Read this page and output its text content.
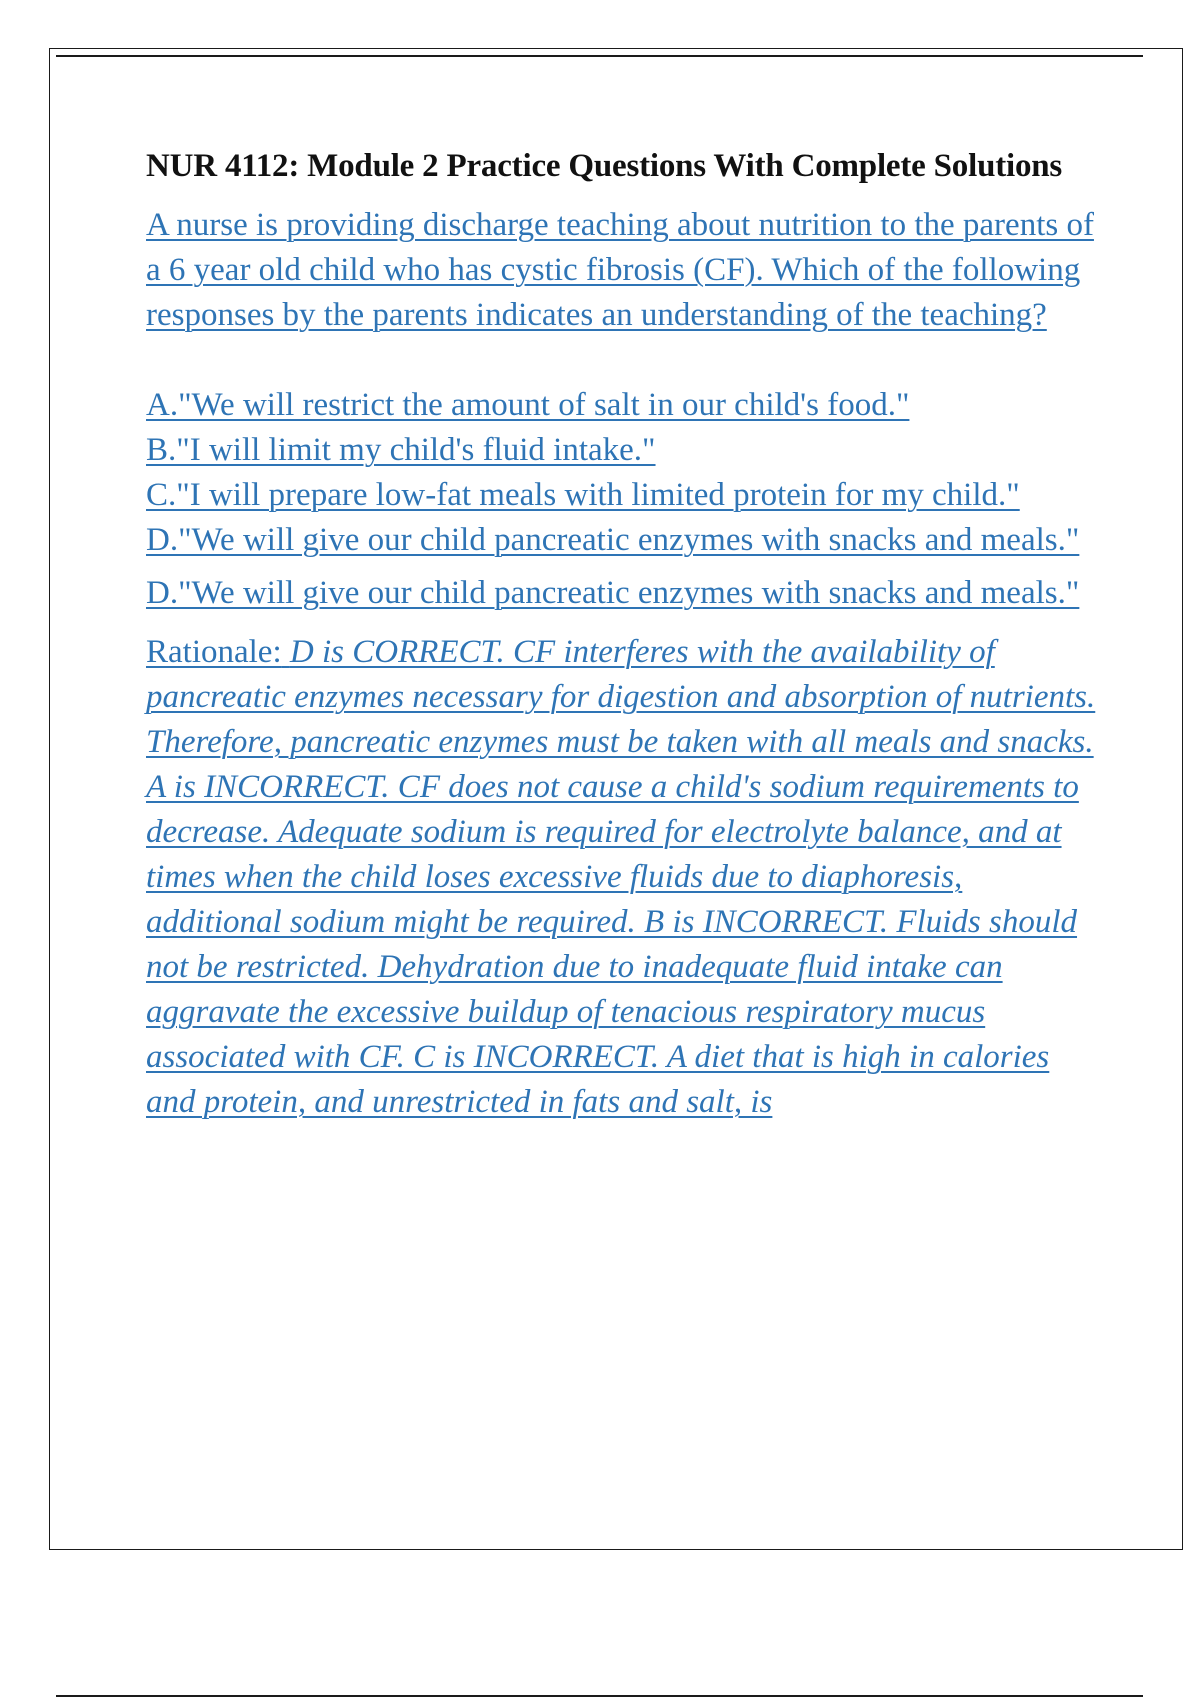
NUR 4112: Module 2 Practice Questions With Complete Solutions

A nurse is providing discharge teaching about nutrition to the parents of a 6 year old child who has cystic fibrosis (CF). Which of the following responses by the parents indicates an understanding of the teaching?

A."We will restrict the amount of salt in our child's food."
B."I will limit my child's fluid intake."
C."I will prepare low-fat meals with limited protein for my child."
D."We will give our child pancreatic enzymes with snacks and meals."

D."We will give our child pancreatic enzymes with snacks and meals."

Rationale: D is CORRECT. CF interferes with the availability of pancreatic enzymes necessary for digestion and absorption of nutrients. Therefore, pancreatic enzymes must be taken with all meals and snacks. A is INCORRECT. CF does not cause a child's sodium requirements to decrease. Adequate sodium is required for electrolyte balance, and at times when the child loses excessive fluids due to diaphoresis, additional sodium might be required. B is INCORRECT. Fluids should not be restricted. Dehydration due to inadequate fluid intake can aggravate the excessive buildup of tenacious respiratory mucus associated with CF. C is INCORRECT. A diet that is high in calories and protein, and unrestricted in fats and salt, is
